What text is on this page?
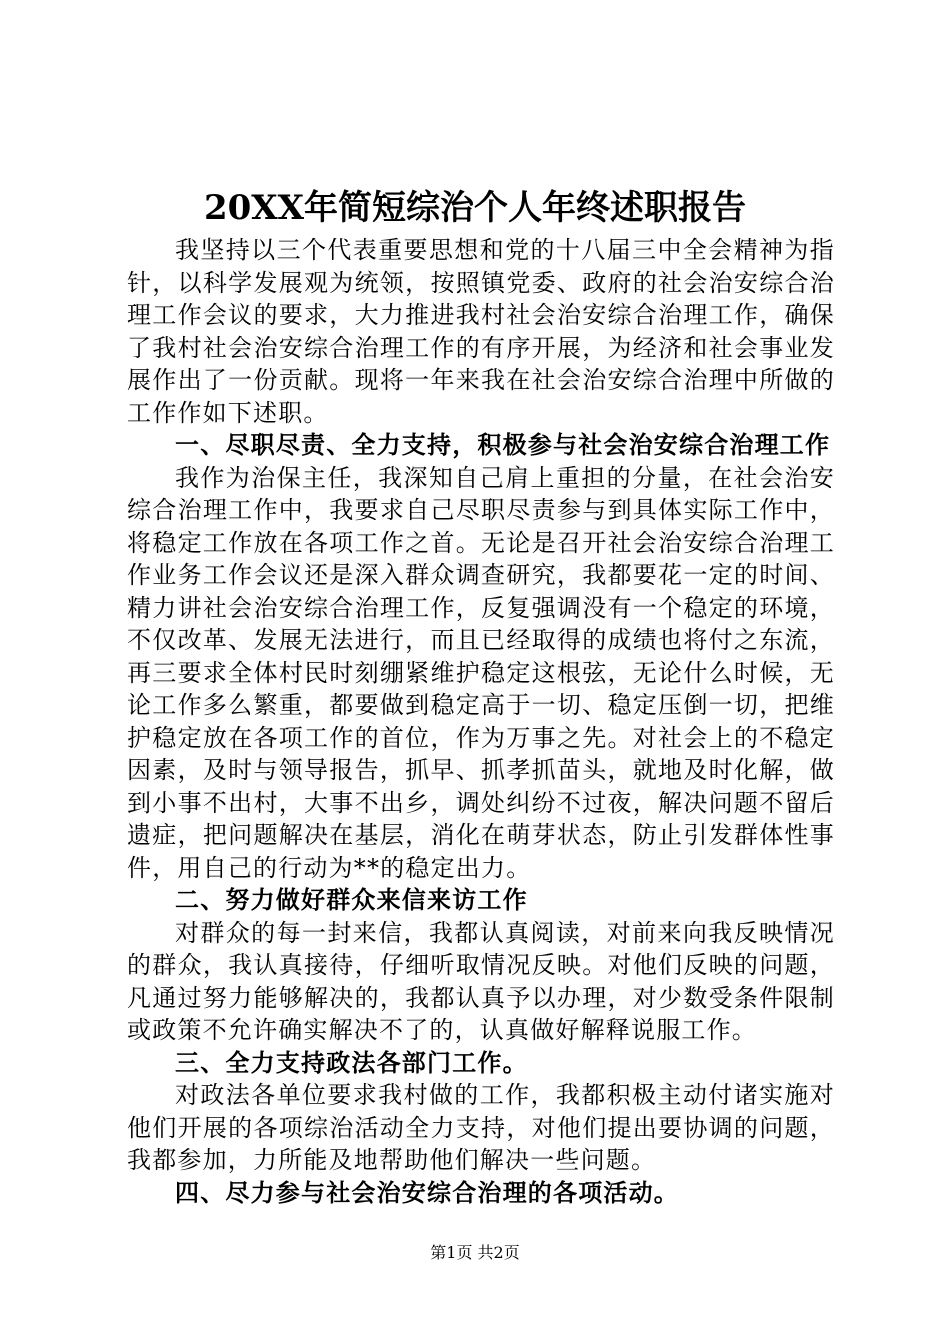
20XX年简短综治个人年终述职报告

我坚持以三个代表重要思想和党的十八届三中全会精神为指针，以科学发展观为统领，按照镇党委、政府的社会治安综合治理工作会议的要求，大力推进我村社会治安综合治理工作，确保了我村社会治安综合治理工作的有序开展，为经济和社会事业发展作出了一份贡献。现将一年来我在社会治安综合治理中所做的工作作如下述职。

一、尽职尽责、全力支持，积极参与社会治安综合治理工作

我作为治保主任，我深知自己肩上重担的分量，在社会治安综合治理工作中，我要求自己尽职尽责参与到具体实际工作中，将稳定工作放在各项工作之首。无论是召开社会治安综合治理工作业务工作会议还是深入群众调查研究，我都要花一定的时间、精力讲社会治安综合治理工作，反复强调没有一个稳定的环境，不仅改革、发展无法进行，而且已经取得的成绩也将付之东流，再三要求全体村民时刻绷紧维护稳定这根弦，无论什么时候，无论工作多么繁重，都要做到稳定高于一切、稳定压倒一切，把维护稳定放在各项工作的首位，作为万事之先。对社会上的不稳定因素，及时与领导报告，抓早、抓孝抓苗头，就地及时化解，做到小事不出村，大事不出乡，调处纠纷不过夜，解决问题不留后遗症，把问题解决在基层，消化在萌芽状态，防止引发群体性事件，用自己的行动为**的稳定出力。

二、努力做好群众来信来访工作

对群众的每一封来信，我都认真阅读，对前来向我反映情况的群众，我认真接待，仔细听取情况反映。对他们反映的问题，凡通过努力能够解决的，我都认真予以办理，对少数受条件限制或政策不允许确实解决不了的，认真做好解释说服工作。

三、全力支持政法各部门工作。

对政法各单位要求我村做的工作，我都积极主动付诸实施对他们开展的各项综治活动全力支持，对他们提出要协调的问题，我都参加，力所能及地帮助他们解决一些问题。

四、尽力参与社会治安综合治理的各项活动。

第1页 共2页
